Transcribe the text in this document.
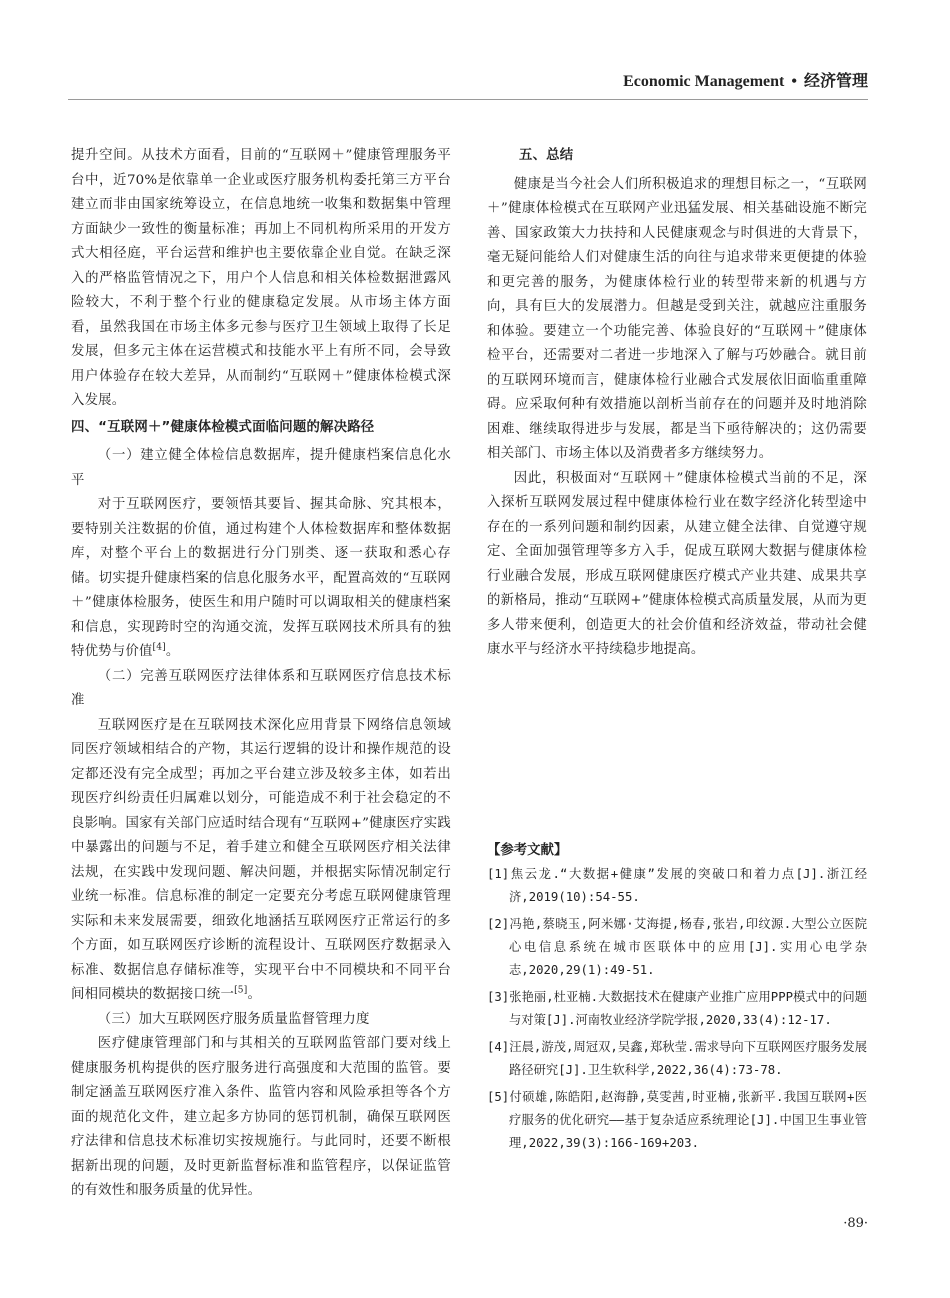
Economic Management • 经济管理

提升空间。从技术方面看，目前的“互联网＋”健康管理服务平台中，近70%是依靠单一企业或医疗服务机构委托第三方平台建立而非由国家统筹设立，在信息地统一收集和数据集中管理方面缺少一致性的衡量标准；再加上不同机构所采用的开发方式大相径庭，平台运营和维护也主要依靠企业自觉。在缺乏深入的严格监管情况之下，用户个人信息和相关体检数据泄露风险较大，不利于整个行业的健康稳定发展。从市场主体方面看，虽然我国在市场主体多元参与医疗卫生领域上取得了长足发展，但多元主体在运营模式和技能水平上有所不同，会导致用户体验存在较大差异，从而制约“互联网＋”健康体检模式深入发展。

四、“互联网＋”健康体检模式面临问题的解决路径

（一）建立健全体检信息数据库，提升健康档案信息化水平

对于互联网医疗，要领悟其要旨、握其命脉、究其根本，要特别关注数据的价值，通过构建个人体检数据库和整体数据库，对整个平台上的数据进行分门别类、逐一获取和悉心存储。切实提升健康档案的信息化服务水平，配置高效的“互联网＋”健康体检服务，使医生和用户随时可以调取相关的健康档案和信息，实现跨时空的沟通交流，发挥互联网技术所具有的独特优势与价值[4]。

（二）完善互联网医疗法律体系和互联网医疗信息技术标准

互联网医疗是在互联网技术深化应用背景下网络信息领域同医疗领域相结合的产物，其运行逻辑的设计和操作规范的设定都还没有完全成型；再加之平台建立涉及较多主体，如若出现医疗纠纷责任归属难以划分，可能造成不利于社会稳定的不良影响。国家有关部门应适时结合现有“互联网+”健康医疗实践中暴露出的问题与不足，着手建立和健全互联网医疗相关法律法规，在实践中发现问题、解决问题，并根据实际情况制定行业统一标准。信息标准的制定一定要充分考虑互联网健康管理实际和未来发展需要，细致化地涵括互联网医疗正常运行的多个方面，如互联网医疗诊断的流程设计、互联网医疗数据录入标准、数据信息存储标准等，实现平台中不同模块和不同平台间相同模块的数据接口统一[5]。

（三）加大互联网医疗服务质量监督管理力度

医疗健康管理部门和与其相关的互联网监管部门要对线上健康服务机构提供的医疗服务进行高强度和大范围的监管。要制定涵盖互联网医疗准入条件、监管内容和风险承担等各个方面的规范化文件，建立起多方协同的惩罚机制，确保互联网医疗法律和信息技术标准切实按规施行。与此同时，还要不断根据新出现的问题，及时更新监督标准和监管程序，以保证监管的有效性和服务质量的优异性。

五、总结

健康是当今社会人们所积极追求的理想目标之一，“互联网＋”健康体检模式在互联网产业迅猛发展、相关基础设施不断完善、国家政策大力扶持和人民健康观念与时俱进的大背景下，毫无疑问能给人们对健康生活的向往与追求带来更便捷的体验和更完善的服务，为健康体检行业的转型带来新的机遇与方向，具有巨大的发展潜力。但越是受到关注，就越应注重服务和体验。要建立一个功能完善、体验良好的“互联网＋”健康体检平台，还需要对二者进一步地深入了解与巧妙融合。就目前的互联网环境而言，健康体检行业融合式发展依旧面临重重障碍。应采取何种有效措施以剖析当前存在的问题并及时地消除困难、继续取得进步与发展，都是当下亟待解决的；这仍需要相关部门、市场主体以及消费者多方继续努力。

因此，积极面对“互联网＋”健康体检模式当前的不足，深入探析互联网发展过程中健康体检行业在数字经济化转型途中存在的一系列问题和制约因素，从建立健全法律、自觉遵守规定、全面加强管理等多方入手，促成互联网大数据与健康体检行业融合发展，形成互联网健康医疗模式产业共建、成果共享的新格局，推动“互联网+”健康体检模式高质量发展，从而为更多人带来便利，创造更大的社会价值和经济效益，带动社会健康水平与经济水平持续稳步地提高。

【参考文献】

[1]焦云龙.“大数据+健康”发展的突破口和着力点[J].浙江经济,2019(10):54-55.

[2]冯艳,蔡晓玉,阿米娜·艾海提,杨春,张岩,印纹源.大型公立医院心电信息系统在城市医联体中的应用[J].实用心电学杂志,2020,29(1):49-51.

[3]张艳丽,杜亚楠.大数据技术在健康产业推广应用PPP模式中的问题与对策[J].河南牧业经济学院学报,2020,33(4):12-17.

[4]汪晨,游茂,周冠双,吴鑫,郑秋莹.需求导向下互联网医疗服务发展路径研究[J].卫生软科学,2022,36(4):73-78.

[5]付硕雄,陈皓阳,赵海静,莫雯茜,时亚楠,张新平.我国互联网+医疗服务的优化研究——基于复杂适应系统理论[J].中国卫生事业管理,2022,39(3):166-169+203.

·89·
